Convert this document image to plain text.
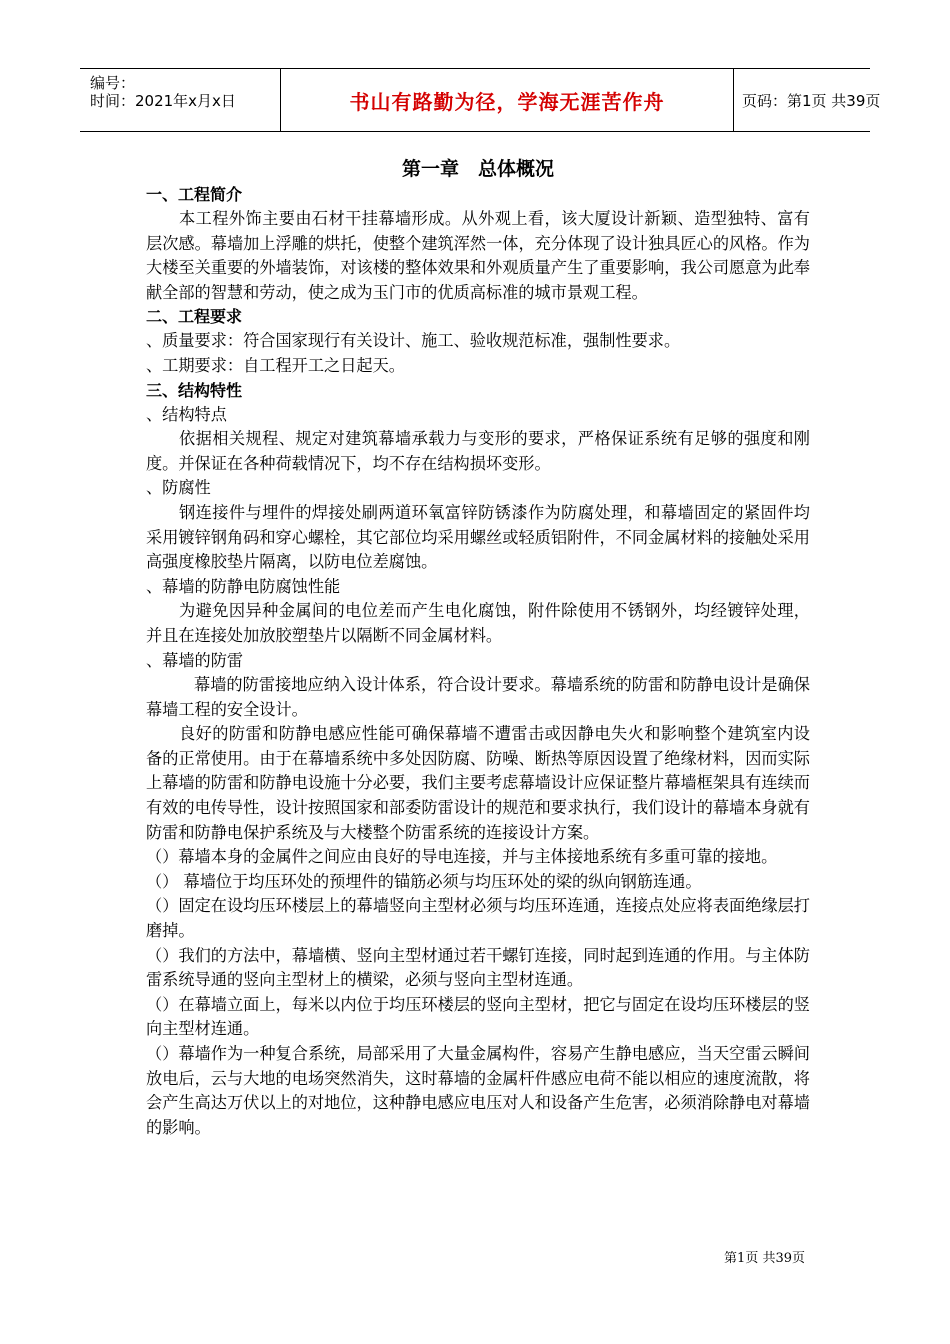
编号：
时间：2021年x月x日	书山有路勤为径，学海无涯苦作舟	页码：第1页 共39页
第一章　总体概况
一、工程简介
本工程外饰主要由石材干挂幕墙形成。从外观上看，该大厦设计新颖、造型独特、富有层次感。幕墙加上浮雕的烘托，使整个建筑浑然一体，充分体现了设计独具匠心的风格。作为大楼至关重要的外墙装饰，对该楼的整体效果和外观质量产生了重要影响，我公司愿意为此奉献全部的智慧和劳动，使之成为玉门市的优质高标准的城市景观工程。
二、工程要求
、质量要求：符合国家现行有关设计、施工、验收规范标准，强制性要求。
、工期要求：自工程开工之日起天。
三、结构特性
、结构特点
依据相关规程、规定对建筑幕墙承载力与变形的要求，严格保证系统有足够的强度和刚度。并保证在各种荷载情况下，均不存在结构损坏变形。
、防腐性
钢连接件与埋件的焊接处刷两道环氧富锌防锈漆作为防腐处理，和幕墙固定的紧固件均采用镀锌钢角码和穿心螺栓，其它部位均采用螺丝或轻质铝附件，不同金属材料的接触处采用高强度橡胶垫片隔离，以防电位差腐蚀。
、幕墙的防静电防腐蚀性能
为避免因异种金属间的电位差而产生电化腐蚀，附件除使用不锈钢外，均经镀锌处理，并且在连接处加放胶塑垫片以隔断不同金属材料。
、幕墙的防雷
幕墙的防雷接地应纳入设计体系，符合设计要求。幕墙系统的防雷和防静电设计是确保幕墙工程的安全设计。
良好的防雷和防静电感应性能可确保幕墙不遭雷击或因静电失火和影响整个建筑室内设备的正常使用。由于在幕墙系统中多处因防腐、防噪、断热等原因设置了绝缘材料，因而实际上幕墙的防雷和防静电设施十分必要，我们主要考虑幕墙设计应保证整片幕墙框架具有连续而有效的电传导性，设计按照国家和部委防雷设计的规范和要求执行，我们设计的幕墙本身就有防雷和防静电保护系统及与大楼整个防雷系统的连接设计方案。
（）幕墙本身的金属件之间应由良好的导电连接，并与主体接地系统有多重可靠的接地。
（） 幕墙位于均压环处的预埋件的锚筋必须与均压环处的梁的纵向钢筋连通。
（）固定在设均压环楼层上的幕墙竖向主型材必须与均压环连通，连接点处应将表面绝缘层打磨掉。
（）我们的方法中，幕墙横、竖向主型材通过若干螺钉连接，同时起到连通的作用。与主体防雷系统导通的竖向主型材上的横梁，必须与竖向主型材连通。
（）在幕墙立面上，每米以内位于均压环楼层的竖向主型材，把它与固定在设均压环楼层的竖向主型材连通。
（）幕墙作为一种复合系统，局部采用了大量金属构件，容易产生静电感应，当天空雷云瞬间放电后，云与大地的电场突然消失，这时幕墙的金属杆件感应电荷不能以相应的速度流散，将会产生高达万伏以上的对地位，这种静电感应电压对人和设备产生危害，必须消除静电对幕墙的影响。
第1页 共39页
